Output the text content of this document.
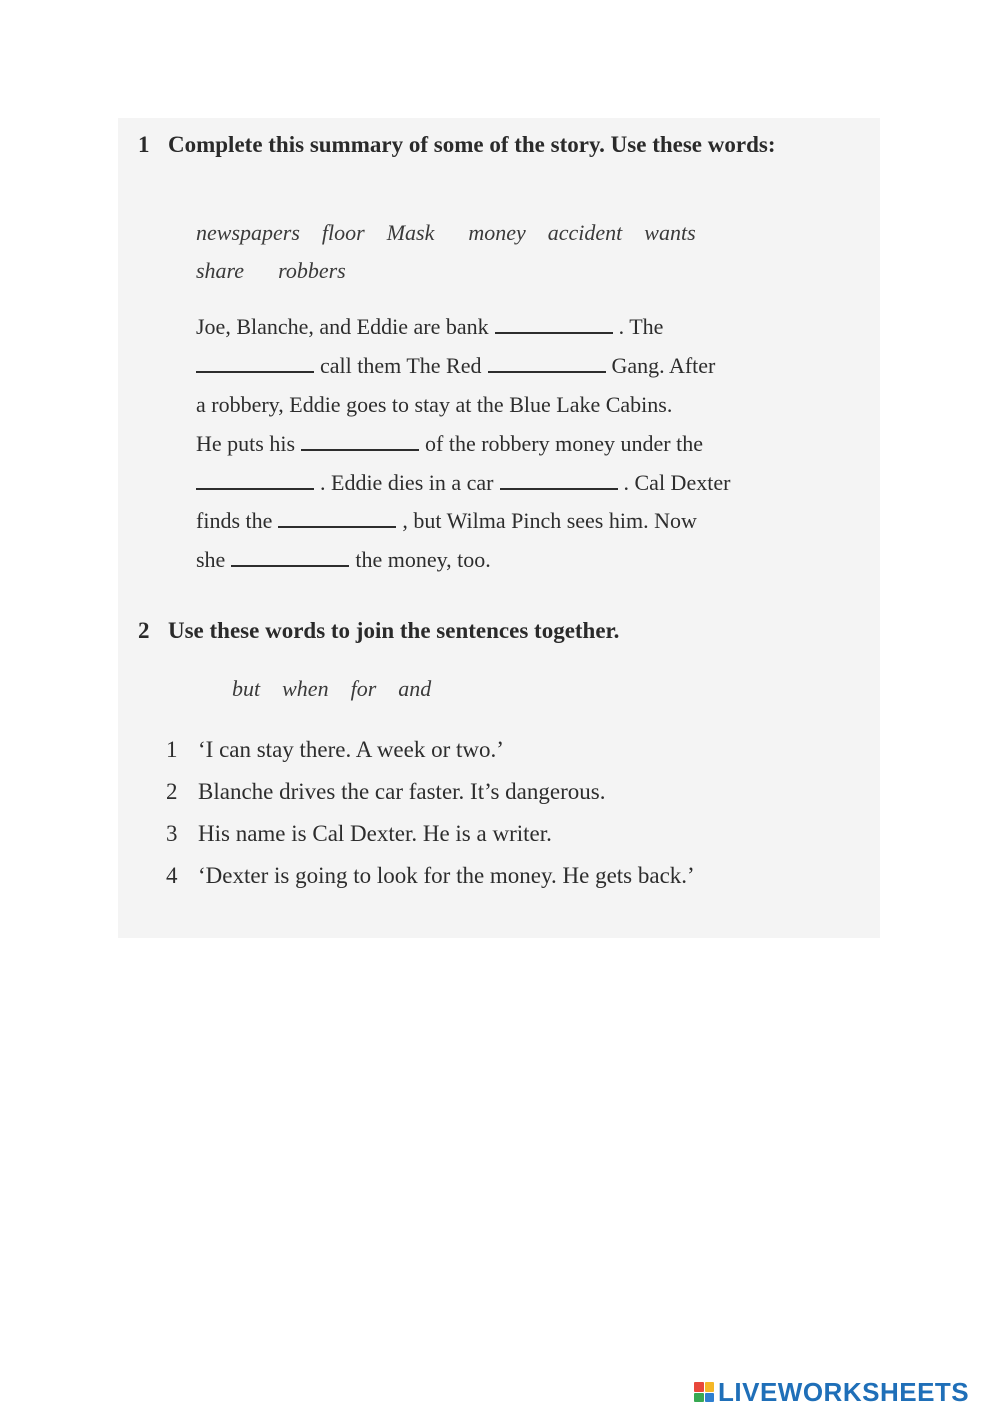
1 Complete this summary of some of the story. Use these words:
newspapers floor Mask money accident wants
share robbers
Joe, Blanche, and Eddie are bank	. The
call them The Red	Gang. After
a robbery, Eddie goes to stay at the Blue Lake Cabins.
He puts his	of the robbery money under the
. Eddie dies in a car	. Cal Dexter
finds the	, but Wilma Pinch sees him. Now
she	the money, too.
2 Use these words to join the sentences together.
but when for and
1 ‘I can stay there. A week or two.’
2 Blanche drives the car faster. It’s dangerous.
3 His name is Cal Dexter. He is a writer.
4 ‘Dexter is going to look for the money. He gets back.’
LIVEWORKSHEETS
